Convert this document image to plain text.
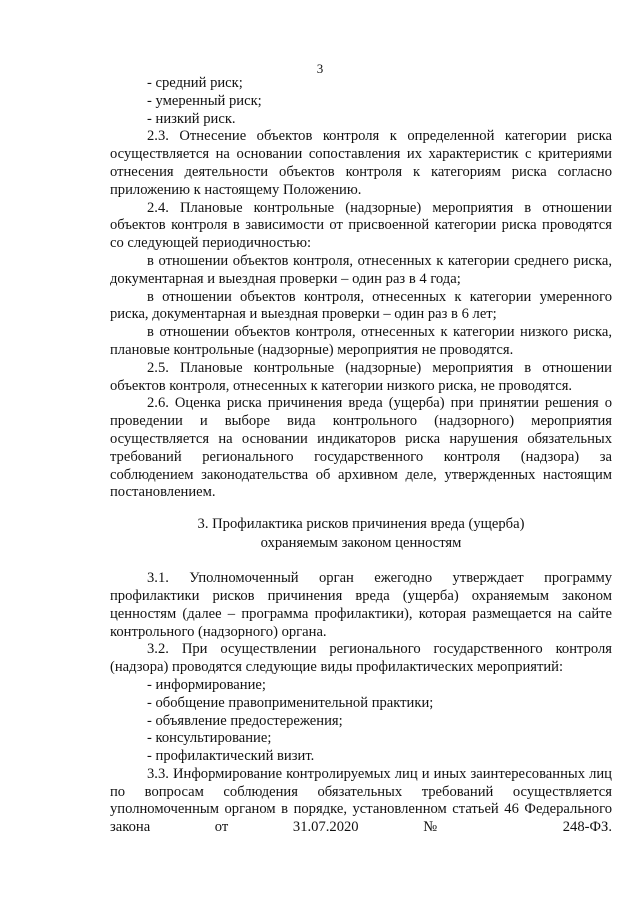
3

- средний риск;

- умеренный риск;

- низкий риск.

2.3. Отнесение объектов контроля к определенной категории риска осуществляется на основании сопоставления их характеристик с критериями отнесения деятельности объектов контроля к категориям риска согласно приложению к настоящему Положению.

2.4. Плановые контрольные (надзорные) мероприятия в отношении объектов контроля в зависимости от присвоенной категории риска проводятся со следующей периодичностью:

в отношении объектов контроля, отнесенных к категории среднего риска, документарная и выездная проверки – один раз в 4 года;

в отношении объектов контроля, отнесенных к категории умеренного риска, документарная и выездная проверки – один раз в 6 лет;

в отношении объектов контроля, отнесенных к категории низкого риска, плановые контрольные (надзорные) мероприятия не проводятся.

2.5. Плановые контрольные (надзорные) мероприятия в отношении объектов контроля, отнесенных к категории низкого риска, не проводятся.

2.6. Оценка риска причинения вреда (ущерба) при принятии решения о проведении и выборе вида контрольного (надзорного) мероприятия осуществляется на основании индикаторов риска нарушения обязательных требований регионального государственного контроля (надзора) за соблюдением законодательства об архивном деле, утвержденных настоящим постановлением.

3. Профилактика рисков причинения вреда (ущерба)
охраняемым законом ценностям

3.1. Уполномоченный орган ежегодно утверждает программу профилактики рисков причинения вреда (ущерба) охраняемым законом ценностям (далее – программа профилактики), которая размещается на сайте контрольного (надзорного) органа.

3.2. При осуществлении регионального государственного контроля (надзора) проводятся следующие виды профилактических мероприятий:

- информирование;

- обобщение правоприменительной практики;

- объявление предостережения;

- консультирование;

- профилактический визит.

3.3. Информирование контролируемых лиц и иных заинтересованных лиц по вопросам соблюдения обязательных требований осуществляется уполномоченным органом в порядке, установленном статьей 46 Федерального закона от 31.07.2020 № 248-ФЗ.
